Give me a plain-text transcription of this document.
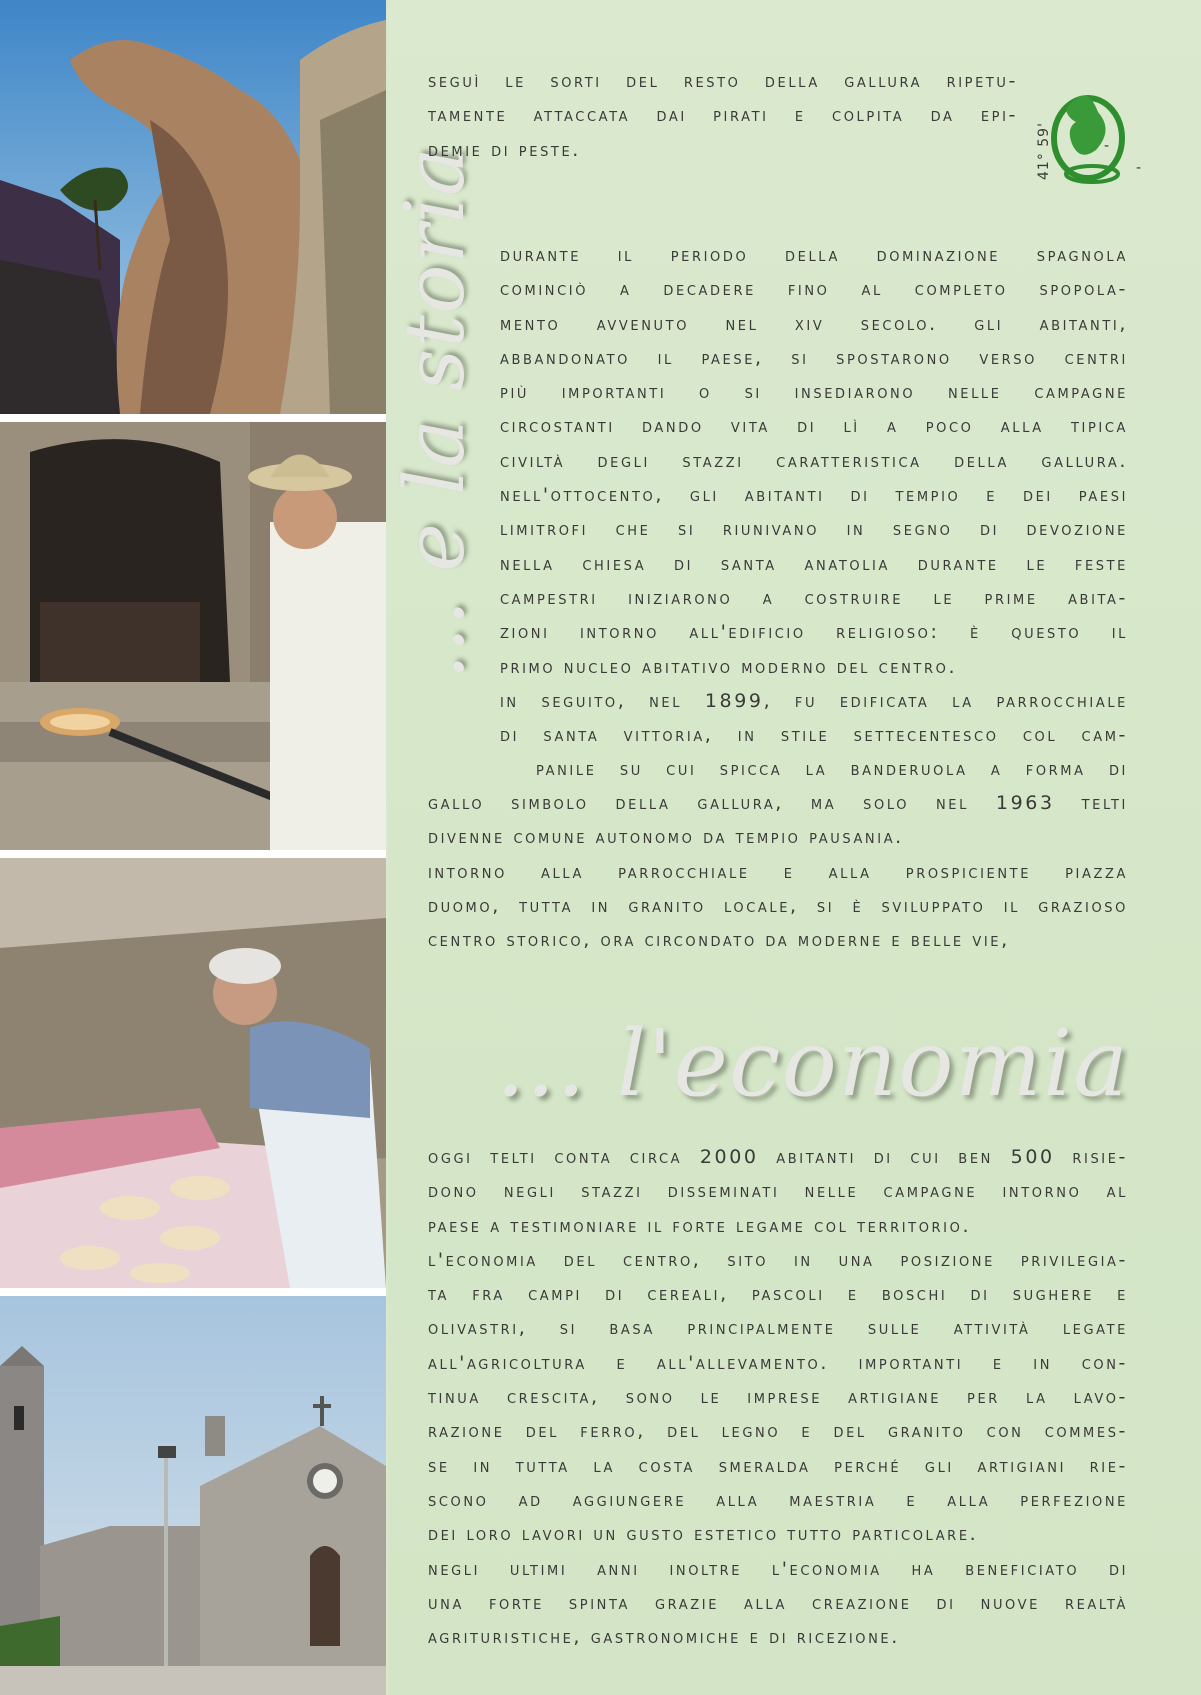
41° 59'	-
-
... e la storia
seguì le sorti del resto della gallura ripetu-
tamente attaccata dai pirati e colpita da epi-
demie di peste.
durante il periodo della dominazione spagnola
cominciò a decadere fino al completo spopola-
mento avvenuto nel xiv secolo. gli abitanti,
abbandonato il paese, si spostarono verso centri
più importanti o si insediarono nelle campagne
circostanti dando vita di lì a poco alla tipica
civiltà degli stazzi caratteristica della gallura.
nell'ottocento, gli abitanti di tempio e dei paesi
limitrofi che si riunivano in segno di devozione
nella chiesa di santa anatolia durante le feste
campestri iniziarono a costruire le prime abita-
zioni intorno all'edificio religioso: è questo il
primo nucleo abitativo moderno del centro.
in seguito, nel 1899, fu edificata la parrocchiale
di santa vittoria, in stile settecentesco col cam-
panile su cui spicca la banderuola a forma di
gallo simbolo della gallura, ma solo nel 1963 telti
divenne comune autonomo da tempio pausania.
intorno alla parrocchiale e alla prospiciente piazza
duomo, tutta in granito locale, si è sviluppato il grazioso
centro storico, ora circondato da moderne e belle vie,
... l'economia
oggi telti conta circa 2000 abitanti di cui ben 500 risie-
dono negli stazzi disseminati nelle campagne intorno al
paese a testimoniare il forte legame col territorio.
l'economia del centro, sito in una posizione privilegia-
ta fra campi di cereali, pascoli e boschi di sughere e
olivastri, si basa principalmente sulle attività legate
all'agricoltura e all'allevamento. importanti e in con-
tinua crescita, sono le imprese artigiane per la lavo-
razione del ferro, del legno e del granito con commes-
se in tutta la costa smeralda perché gli artigiani rie-
scono ad aggiungere alla maestria e alla perfezione
dei loro lavori un gusto estetico tutto particolare.
negli ultimi anni inoltre l'economia ha beneficiato di
una forte spinta grazie alla creazione di nuove realtà
agrituristiche, gastronomiche e di ricezione.
